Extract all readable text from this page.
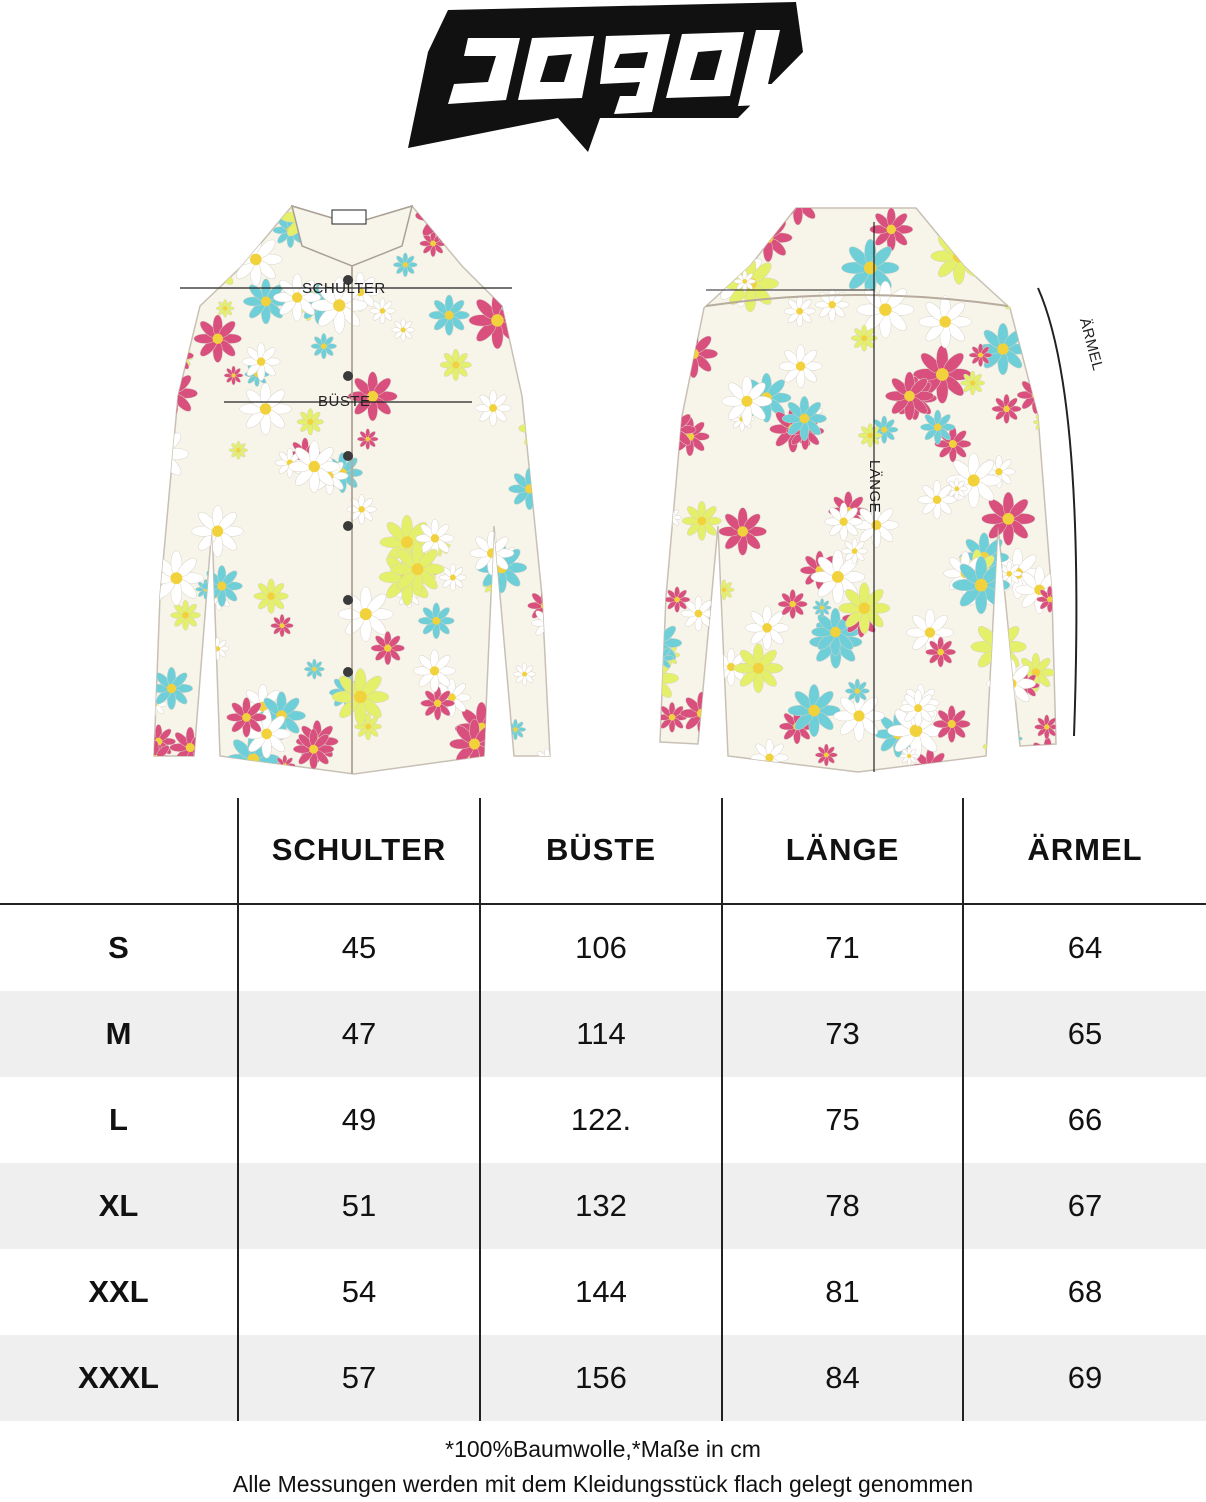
SCHULTER
BÜSTE
LÄNGE
ÄRMEL
	SCHULTER	BÜSTE	LÄNGE	ÄRMEL
S	45	106	71	64
M	47	114	73	65
L	49	122.	75	66
XL	51	132	78	67
XXL	54	144	81	68
XXXL	57	156	84	69
*100%Baumwolle,*Maße in cm
Alle Messungen werden mit dem Kleidungsstück flach gelegt genommen
